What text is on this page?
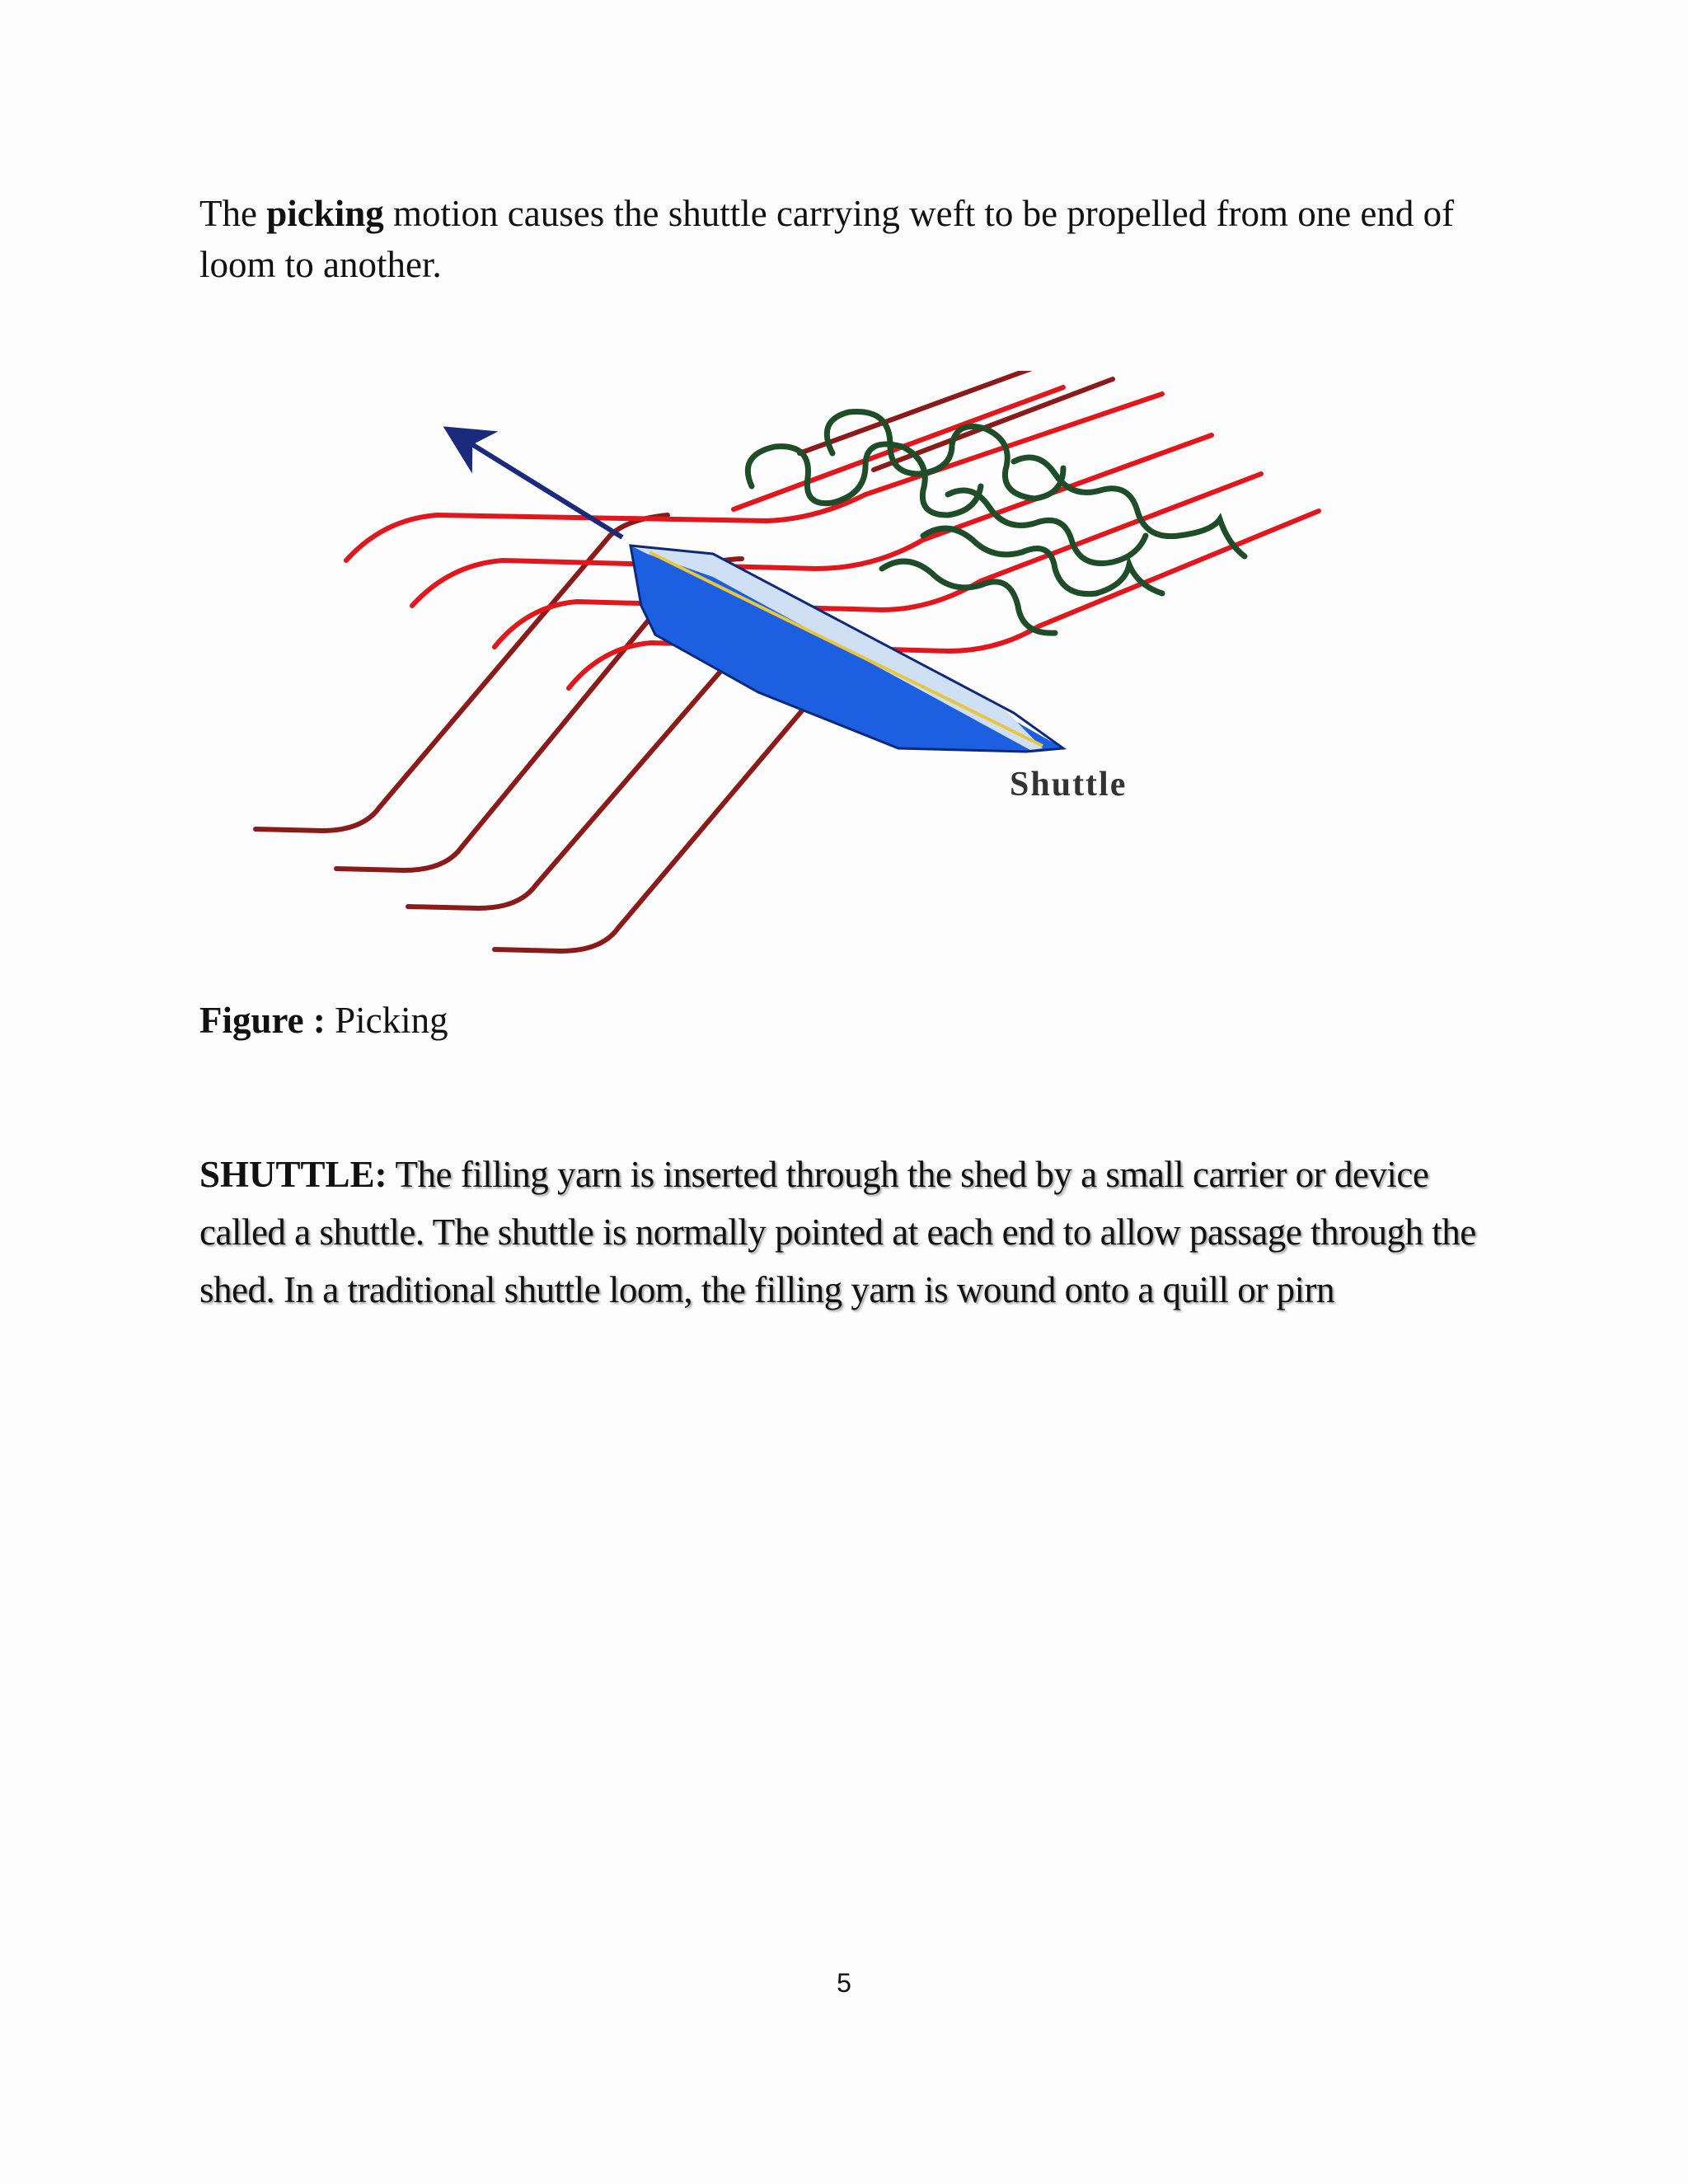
The picking motion causes the shuttle carrying weft to be propelled from one end of loom to another.

Shuttle
Figure : Picking

SHUTTLE: The filling yarn is inserted through the shed by a small carrier or device called a shuttle. The shuttle is normally pointed at each end to allow passage through the shed. In a traditional shuttle loom, the filling yarn is wound onto a quill or pirn

5
